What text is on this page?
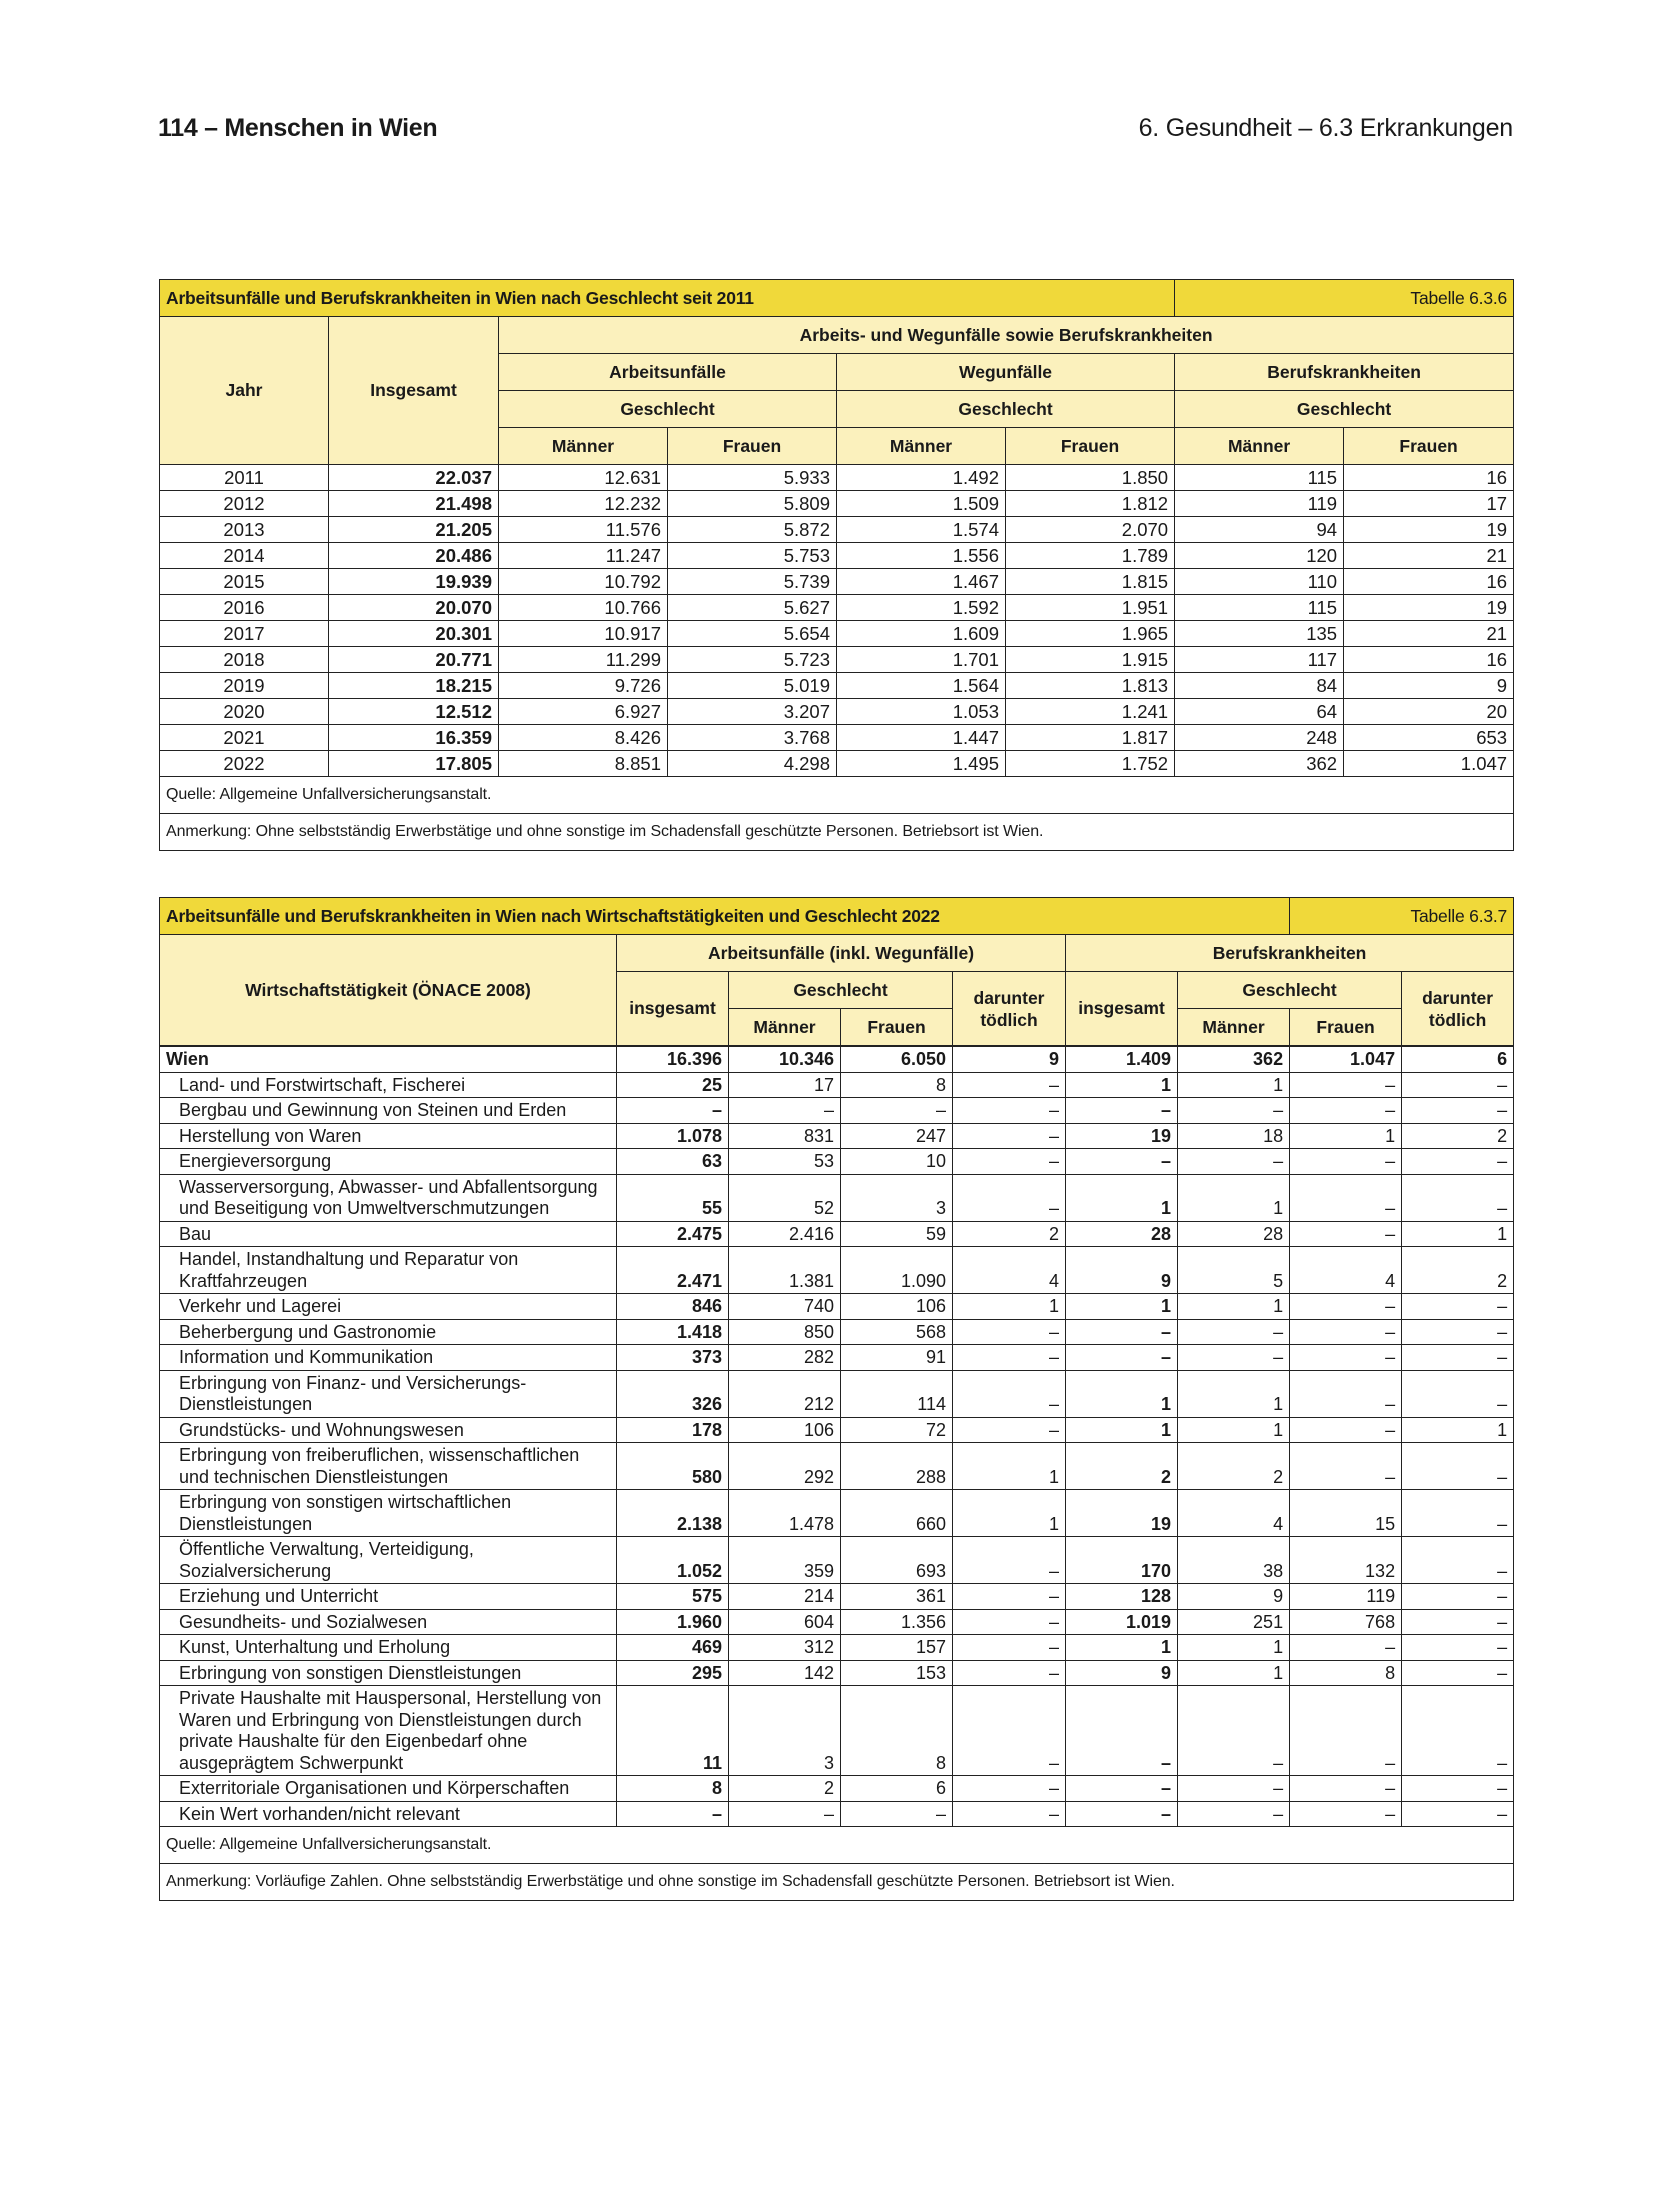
114 – Menschen in Wien	6. Gesundheit – 6.3 Erkrankungen
Arbeitsunfälle und Berufskrankheiten in Wien nach Geschlecht seit 2011						Tabelle 6.3.6	
Jahr	Insgesamt	Arbeits- und Wegunfälle sowie Berufskrankheiten					
		Arbeitsunfälle		Wegunfälle		Berufskrankheiten	
		Geschlecht		Geschlecht		Geschlecht	
		Männer	Frauen	Männer	Frauen	Männer	Frauen
2011	22.037	12.631	5.933	1.492	1.850	115	16
2012	21.498	12.232	5.809	1.509	1.812	119	17
2013	21.205	11.576	5.872	1.574	2.070	94	19
2014	20.486	11.247	5.753	1.556	1.789	120	21
2015	19.939	10.792	5.739	1.467	1.815	110	16
2016	20.070	10.766	5.627	1.592	1.951	115	19
2017	20.301	10.917	5.654	1.609	1.965	135	21
2018	20.771	11.299	5.723	1.701	1.915	117	16
2019	18.215	9.726	5.019	1.564	1.813	84	9
2020	12.512	6.927	3.207	1.053	1.241	64	20
2021	16.359	8.426	3.768	1.447	1.817	248	653
2022	17.805	8.851	4.298	1.495	1.752	362	1.047
Quelle: Allgemeine Unfallversicherungsanstalt.							
Anmerkung: Ohne selbstständig Erwerbstätige und ohne sonstige im Schadensfall geschützte Personen. Betriebsort ist Wien.							
Arbeitsunfälle und Berufskrankheiten in Wien nach Wirtschaftstätigkeiten und Geschlecht 2022							Tabelle 6.3.7	
Wirtschaftstätigkeit (ÖNACE 2008)	Arbeitsunfälle (inkl. Wegunfälle)				Berufskrankheiten			
	insgesamt	Geschlecht		darunter tödlich	insgesamt	Geschlecht		darunter tödlich
		Männer	Frauen			Männer	Frauen	
Wien	16.396	10.346	6.050	9	1.409	362	1.047	6
Land- und Forstwirtschaft, Fischerei	25	17	8	–	1	1	–	–
Bergbau und Gewinnung von Steinen und Erden	–	–	–	–	–	–	–	–
Herstellung von Waren	1.078	831	247	–	19	18	1	2
Energieversorgung	63	53	10	–	–	–	–	–
Wasserversorgung, Abwasser- und Abfallentsorgung und Beseitigung von Umweltverschmutzungen	55	52	3	–	1	1	–	–
Bau	2.475	2.416	59	2	28	28	–	1
Handel, Instandhaltung und Reparatur von Kraftfahrzeugen	2.471	1.381	1.090	4	9	5	4	2
Verkehr und Lagerei	846	740	106	1	1	1	–	–
Beherbergung und Gastronomie	1.418	850	568	–	–	–	–	–
Information und Kommunikation	373	282	91	–	–	–	–	–
Erbringung von Finanz- und Versicherungs-Dienstleistungen	326	212	114	–	1	1	–	–
Grundstücks- und Wohnungswesen	178	106	72	–	1	1	–	1
Erbringung von freiberuflichen, wissenschaftlichen und technischen Dienstleistungen	580	292	288	1	2	2	–	–
Erbringung von sonstigen wirtschaftlichen Dienstleistungen	2.138	1.478	660	1	19	4	15	–
Öffentliche Verwaltung, Verteidigung, Sozialversicherung	1.052	359	693	–	170	38	132	–
Erziehung und Unterricht	575	214	361	–	128	9	119	–
Gesundheits- und Sozialwesen	1.960	604	1.356	–	1.019	251	768	–
Kunst, Unterhaltung und Erholung	469	312	157	–	1	1	–	–
Erbringung von sonstigen Dienstleistungen	295	142	153	–	9	1	8	–
Private Haushalte mit Hauspersonal, Herstellung von Waren und Erbringung von Dienstleistungen durch private Haushalte für den Eigenbedarf ohne ausgeprägtem Schwerpunkt	11	3	8	–	–	–	–	–
Exterritoriale Organisationen und Körperschaften	8	2	6	–	–	–	–	–
Kein Wert vorhanden/nicht relevant	–	–	–	–	–	–	–	–
Quelle: Allgemeine Unfallversicherungsanstalt.								
Anmerkung: Vorläufige Zahlen. Ohne selbstständig Erwerbstätige und ohne sonstige im Schadensfall geschützte Personen. Betriebsort ist Wien.								
